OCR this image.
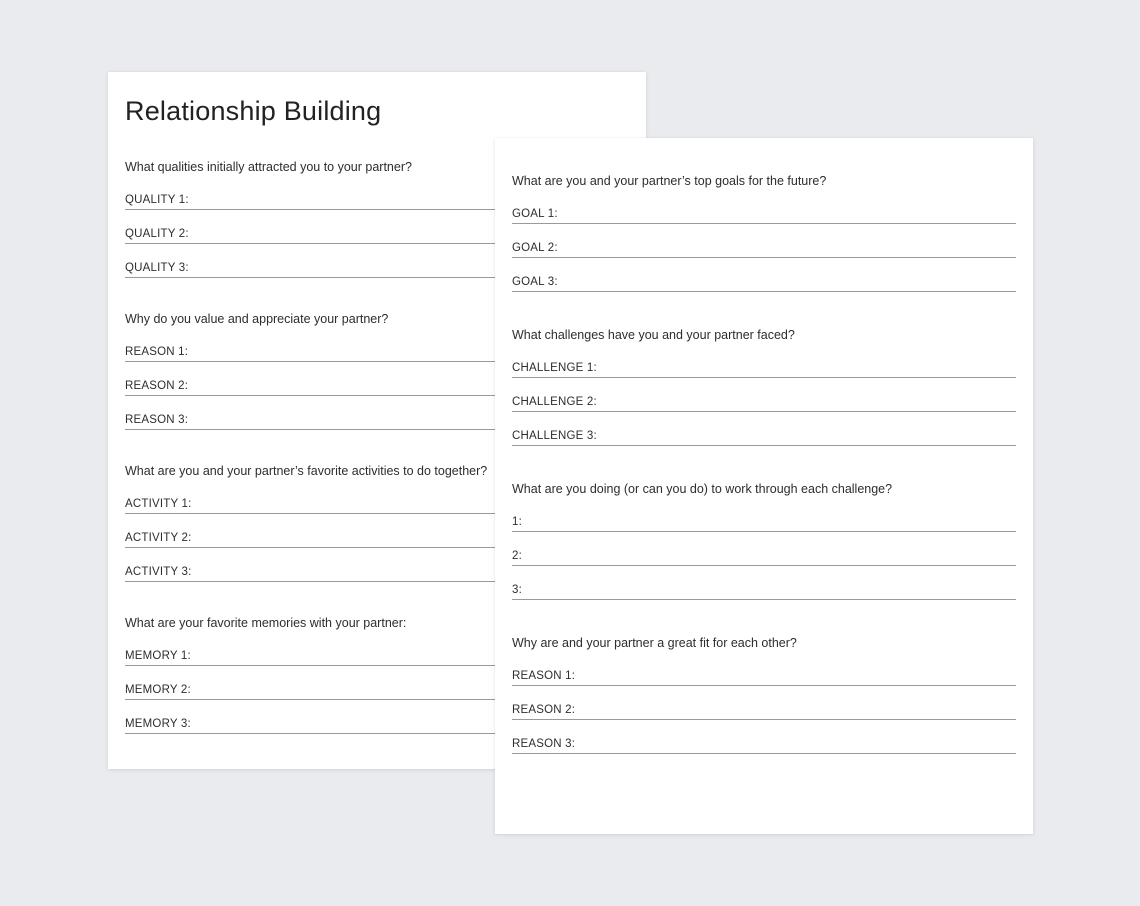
Relationship Building
What qualities initially attracted you to your partner?
QUALITY 1:
QUALITY 2:
QUALITY 3:
Why do you value and appreciate your partner?
REASON 1:
REASON 2:
REASON 3:
What are you and your partner’s favorite activities to do together?
ACTIVITY 1:
ACTIVITY 2:
ACTIVITY 3:
What are your favorite memories with your partner:
MEMORY 1:
MEMORY 2:
MEMORY 3:
What are you and your partner’s top goals for the future?
GOAL 1:
GOAL 2:
GOAL 3:
What challenges have you and your partner faced?
CHALLENGE 1:
CHALLENGE 2:
CHALLENGE 3:
What are you doing (or can you do) to work through each challenge?
1:
2:
3:
Why are and your partner a great fit for each other?
REASON 1:
REASON 2:
REASON 3:
